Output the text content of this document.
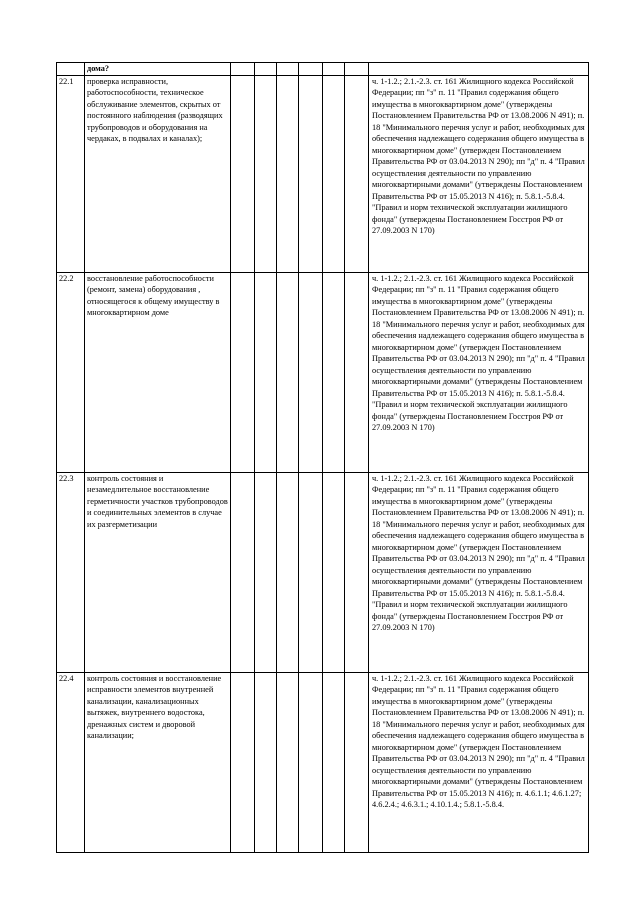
	дома?							
22.1	проверка исправности, работоспособности, техническое обслуживание элементов, скрытых от постоянного наблюдения (разводящих трубопроводов и оборудования на чердаках, в подвалах и каналах);							ч. 1-1.2.; 2.1.-2.3. ст. 161 Жилищного кодекса Российской Федерации; пп "з" п. 11 "Правил содержания общего имущества в многоквартирном доме" (утверждены Постановлением Правительства РФ от 13.08.2006 N 491); п. 18 "Минимального перечня услуг и работ, необходимых для обеспечения надлежащего содержания общего имущества в многоквартирном доме" (утвержден Постановлением Правительства РФ от 03.04.2013 N 290); пп "д" п. 4 "Правил осуществления деятельности по управлению многоквартирными домами" (утверждены Постановлением Правительства РФ от 15.05.2013 N 416); п. 5.8.1.-5.8.4. "Правил и норм технической эксплуатации жилищного фонда" (утверждены Постановлением Госстроя РФ от 27.09.2003 N 170)
22.2	восстановление работоспособности (ремонт, замена) оборудования , относящегося к общему имуществу в многоквартирном доме							ч. 1-1.2.; 2.1.-2.3. ст. 161 Жилищного кодекса Российской Федерации; пп "з" п. 11 "Правил содержания общего имущества в многоквартирном доме" (утверждены Постановлением Правительства РФ от 13.08.2006 N 491); п. 18 "Минимального перечня услуг и работ, необходимых для обеспечения надлежащего содержания общего имущества в многоквартирном доме" (утвержден Постановлением Правительства РФ от 03.04.2013 N 290); пп "д" п. 4 "Правил осуществления деятельности по управлению многоквартирными домами" (утверждены Постановлением Правительства РФ от 15.05.2013 N 416); п. 5.8.1.-5.8.4. "Правил и норм технической эксплуатации жилищного фонда" (утверждены Постановлением Госстроя РФ от 27.09.2003 N 170)
22.3	контроль состояния и незамедлительное восстановление герметичности участков трубопроводов и соединительных элементов в случае их разгерметизации							ч. 1-1.2.; 2.1.-2.3. ст. 161 Жилищного кодекса Российской Федерации; пп "з" п. 11 "Правил содержания общего имущества в многоквартирном доме" (утверждены Постановлением Правительства РФ от 13.08.2006 N 491); п. 18 "Минимального перечня услуг и работ, необходимых для обеспечения надлежащего содержания общего имущества в многоквартирном доме" (утвержден Постановлением Правительства РФ от 03.04.2013 N 290); пп "д" п. 4 "Правил осуществления деятельности по управлению многоквартирными домами" (утверждены Постановлением Правительства РФ от 15.05.2013 N 416); п. 5.8.1.-5.8.4. "Правил и норм технической эксплуатации жилищного фонда" (утверждены Постановлением Госстроя РФ от 27.09.2003 N 170)
22.4	контроль состояния и восстановление исправности элементов внутренней канализации, канализационных вытяжек, внутреннего водостока, дренажных систем и дворовой канализации;							ч. 1-1.2.; 2.1.-2.3. ст. 161 Жилищного кодекса Российской Федерации; пп "з" п. 11 "Правил содержания общего имущества в многоквартирном доме" (утверждены Постановлением Правительства РФ от 13.08.2006 N 491); п. 18 "Минимального перечня услуг и работ, необходимых для обеспечения надлежащего содержания общего имущества в многоквартирном доме" (утвержден Постановлением Правительства РФ от 03.04.2013 N 290); пп "д" п. 4 "Правил осуществления деятельности по управлению многоквартирными домами" (утверждены Постановлением Правительства РФ от 15.05.2013 N 416); п. 4.6.1.1; 4.6.1.27; 4.6.2.4.; 4.6.3.1.; 4.10.1.4.; 5.8.1.-5.8.4.
